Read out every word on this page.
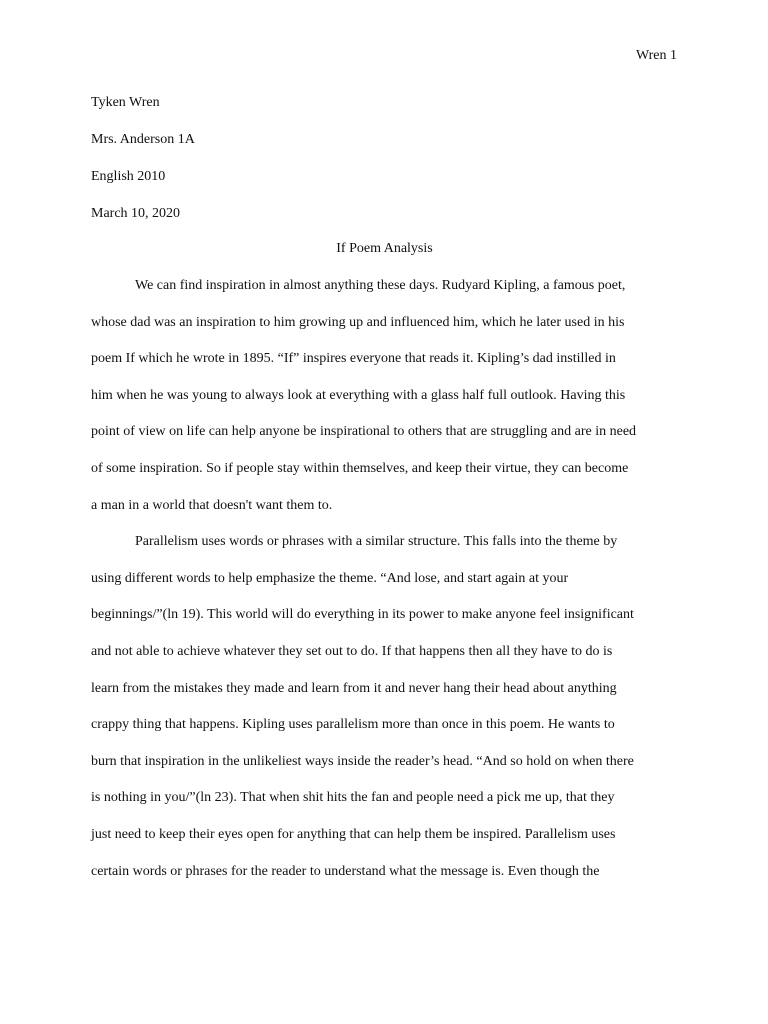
Wren 1
Tyken Wren
Mrs. Anderson 1A
English 2010
March 10, 2020
If Poem Analysis
We can find inspiration in almost anything these days. Rudyard Kipling, a famous poet,
whose dad was an inspiration to him growing up and influenced him, which he later used in his
poem If which he wrote in 1895. “If” inspires everyone that reads it. Kipling’s dad instilled in
him when he was young to always look at everything with a glass half full outlook. Having this
point of view on life can help anyone be inspirational to others that are struggling and are in need
of some inspiration. So if people stay within themselves, and keep their virtue, they can become
a man in a world that doesn't want them to.
Parallelism uses words or phrases with a similar structure. This falls into the theme by
using different words to help emphasize the theme. “And lose, and start again at your
beginnings/”(ln 19). This world will do everything in its power to make anyone feel insignificant
and not able to achieve whatever they set out to do. If that happens then all they have to do is
learn from the mistakes they made and learn from it and never hang their head about anything
crappy thing that happens. Kipling uses parallelism more than once in this poem. He wants to
burn that inspiration in the unlikeliest ways inside the reader’s head. “And so hold on when there
is nothing in you/”(ln 23). That when shit hits the fan and people need a pick me up, that they
just need to keep their eyes open for anything that can help them be inspired. Parallelism uses
certain words or phrases for the reader to understand what the message is. Even though the
